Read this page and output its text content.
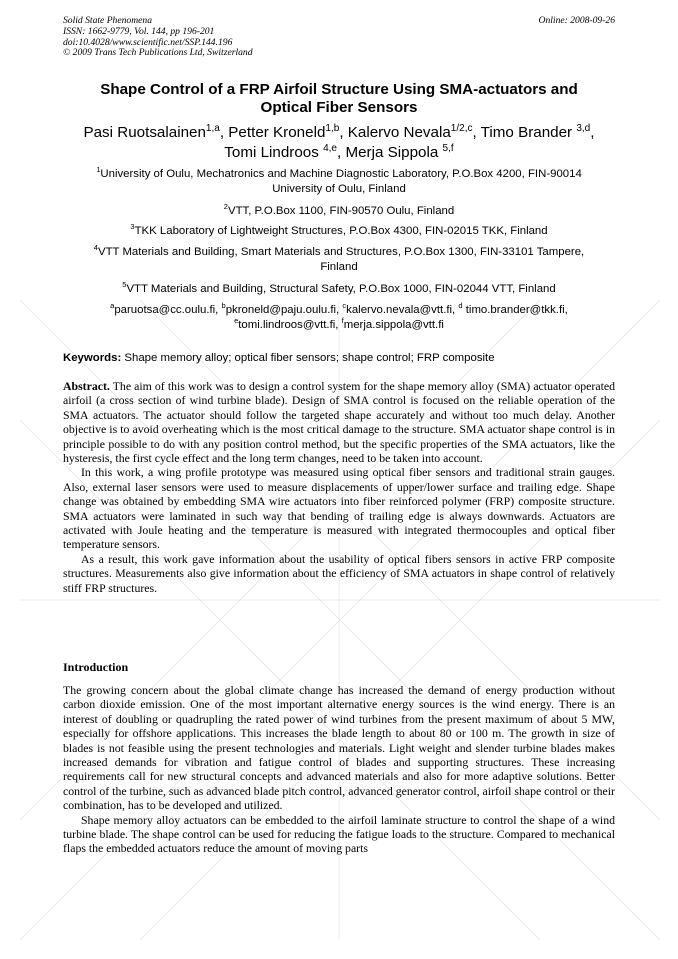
Solid State Phenomena
ISSN: 1662-9779, Vol. 144, pp 196-201
doi:10.4028/www.scientific.net/SSP.144.196
© 2009 Trans Tech Publications Ltd, Switzerland
Online: 2008-09-26
Shape Control of a FRP Airfoil Structure Using SMA-actuators and
Optical Fiber Sensors
Pasi Ruotsalainen$^{1,a}$, Petter Kroneld$^{1,b}$, Kalervo Nevala$^{1/2,c}$, Timo Brander $^{3,d}$,
Tomi Lindroos $^{4,e}$, Merja Sippola $^{5,f}$
$^1$University of Oulu, Mechatronics and Machine Diagnostic Laboratory, P.O.Box 4200, FIN-90014
University of Oulu, Finland
$^2$VTT, P.O.Box 1100, FIN-90570 Oulu, Finland
$^3$TKK Laboratory of Lightweight Structures, P.O.Box 4300, FIN-02015 TKK, Finland
$^4$VTT Materials and Building, Smart Materials and Structures, P.O.Box 1300, FIN-33101 Tampere,
Finland
$^5$VTT Materials and Building, Structural Safety, P.O.Box 1000, FIN-02044 VTT, Finland
$^a$paruotsa@cc.oulu.fi, $^b$pkroneld@paju.oulu.fi, $^c$kalervo.nevala@vtt.fi, $^d$ timo.brander@tkk.fi,
$^e$tomi.lindroos@vtt.fi, $^f$merja.sippola@vtt.fi
Keywords: Shape memory alloy; optical fiber sensors; shape control; FRP composite

Abstract. The aim of this work was to design a control system for the shape memory alloy (SMA) actuator operated airfoil (a cross section of wind turbine blade). Design of SMA control is focused on the reliable operation of the SMA actuators. The actuator should follow the targeted shape accurately and without too much delay. Another objective is to avoid overheating which is the most critical damage to the structure. SMA actuator shape control is in principle possible to do with any position control method, but the specific properties of the SMA actuators, like the hysteresis, the first cycle effect and the long term changes, need to be taken into account.

In this work, a wing profile prototype was measured using optical fiber sensors and traditional strain gauges. Also, external laser sensors were used to measure displacements of upper/lower surface and trailing edge. Shape change was obtained by embedding SMA wire actuators into fiber reinforced polymer (FRP) composite structure. SMA actuators were laminated in such way that bending of trailing edge is always downwards. Actuators are activated with Joule heating and the temperature is measured with integrated thermocouples and optical fiber temperature sensors.

As a result, this work gave information about the usability of optical fibers sensors in active FRP composite structures. Measurements also give information about the efficiency of SMA actuators in shape control of relatively stiff FRP structures.

Introduction

The growing concern about the global climate change has increased the demand of energy production without carbon dioxide emission. One of the most important alternative energy sources is the wind energy. There is an interest of doubling or quadrupling the rated power of wind turbines from the present maximum of about 5 MW, especially for offshore applications. This increases the blade length to about 80 or 100 m. The growth in size of blades is not feasible using the present technologies and materials. Light weight and slender turbine blades makes increased demands for vibration and fatigue control of blades and supporting structures. These increasing requirements call for new structural concepts and advanced materials and also for more adaptive solutions. Better control of the turbine, such as advanced blade pitch control, advanced generator control, airfoil shape control or their combination, has to be developed and utilized.

Shape memory alloy actuators can be embedded to the airfoil laminate structure to control the shape of a wind turbine blade. The shape control can be used for reducing the fatigue loads to the structure. Compared to mechanical flaps the embedded actuators reduce the amount of moving parts
